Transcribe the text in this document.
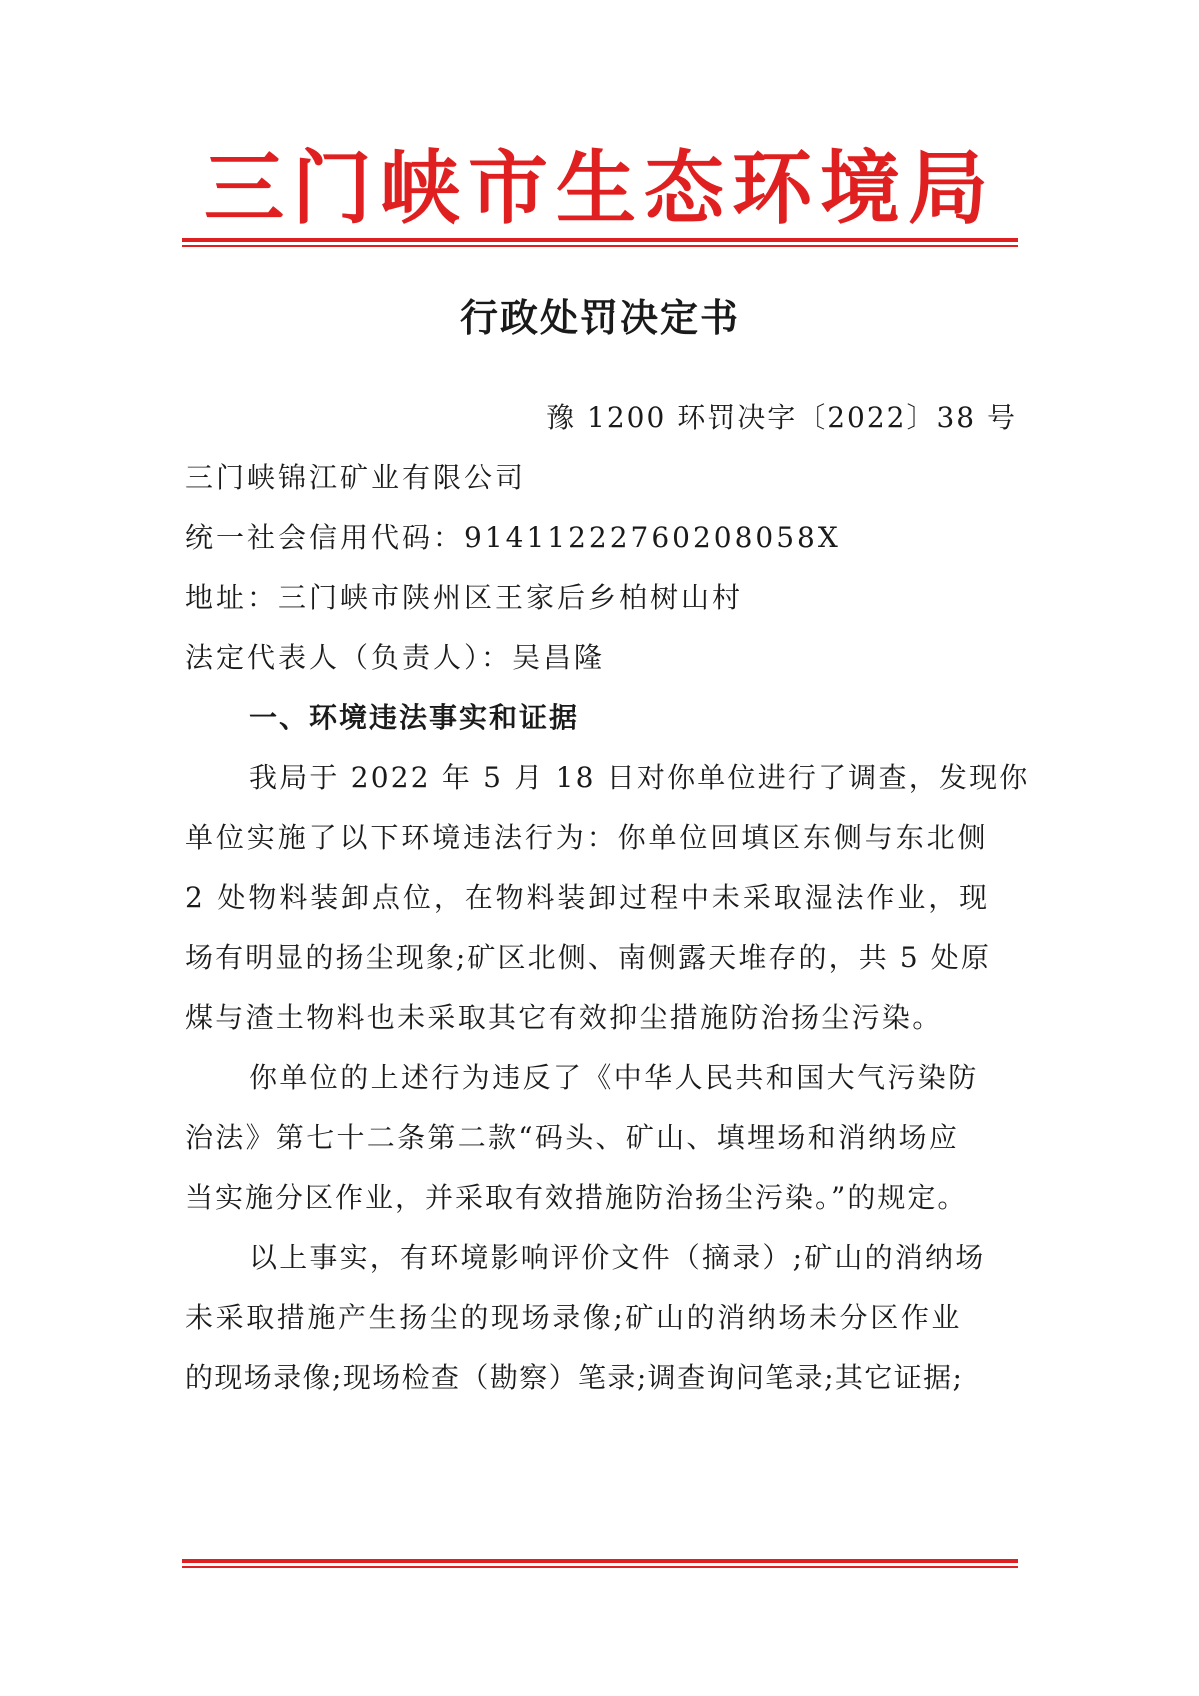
三门峡市生态环境局
行政处罚决定书
豫 1200 环罚决字〔2022〕38 号
三门峡锦江矿业有限公司
统一社会信用代码：91411222760208058X
地址：三门峡市陕州区王家后乡柏树山村
法定代表人（负责人）：吴昌隆
一、环境违法事实和证据
我局于 2022 年 5 月 18 日对你单位进行了调查，发现你
单位实施了以下环境违法行为：你单位回填区东侧与东北侧
2 处物料装卸点位，在物料装卸过程中未采取湿法作业，现
场有明显的扬尘现象;矿区北侧、南侧露天堆存的，共 5 处原
煤与渣土物料也未采取其它有效抑尘措施防治扬尘污染。
你单位的上述行为违反了《中华人民共和国大气污染防
治法》第七十二条第二款“码头、矿山、填埋场和消纳场应
当实施分区作业，并采取有效措施防治扬尘污染。”的规定。
以上事实，有环境影响评价文件（摘录）;矿山的消纳场
未采取措施产生扬尘的现场录像;矿山的消纳场未分区作业
的现场录像;现场检查（勘察）笔录;调查询问笔录;其它证据;
